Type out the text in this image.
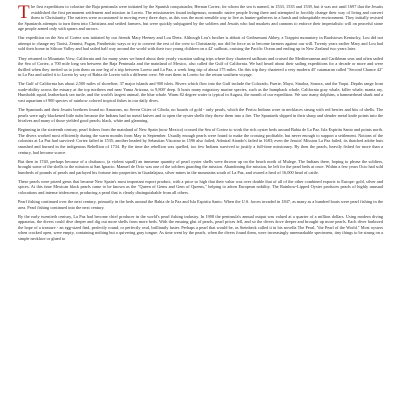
The first expeditions to colonize the Baja peninsula were initiated by the Spanish conquistador, Hernan Cortez, for whom the sea is named, in 1533, 1535 and 1539, but it was not until 1697 that the Jesuits established the first permanent settlement and mission in Loreto. The missionaries found indigenous, nomadic native people living there and attempted to forcibly change their way of living and convert them to Christianity. The natives were accustomed to moving every three days, as this was the most sensible way to live as hunter-gatherers in a harsh and inhospitable environment. They initially resisted the Spaniards attempts to turn them into Christians and settled farmers, but were quickly subjugated by the soldiers and Jesuits who had muskets and cannons to enforce their imperialistic will on peaceful stone age people armed only with spears and arrows.

Our expedition on the Sea of Cortez was initiated by our friends Mary Heeney and Lou Dietz. Although Lou's brother is abbott of Gethsemani Abbey, a Trappist monastery in Bardstown Kentucky, Lou did not attempt to change my Taoist, Zennist, Pagan, Pantheistic ways or try to convert the rest of the crew to Christianity, nor did he force us to become farmers against our will. Twenty years earlier Mary and Lou had sold their home in Silicon Valley and had sailed half way around the world with their two young children on a 42' sailboat, cruising the Pacific Ocean and ending up in New Zealand two years later.

They returned to Mountain View, California and for many years we heard about their yearly vacation sailing trips where they chartered sailboats and cruised the Mediterranean and Caribbean seas and often sailed the Sea of Cortez, a 700 mile long sea between the Baja Peninsula and the mainland of Mexico, also called the Gulf of California. We had heard about their sailing expeditions for a decade or more and were thrilled when they invited us to join them on one leg of a trip between Loreto and La Paz, a week long trip of about 175 miles. On this trip they chartered a very modern 45' catamaran called "Second Chance 42" in La Paz and sailed it to Loreto by way of Bahia de Loreto with a different crew. We met them in Loreto for the return southern voyage.

The Gulf of California has about 2,500 miles of shoreline, 37 major islands and 900 islets. Rivers which flow into the Gulf include the Colorado, Fuerte, Mayo, Sinaloa, Sonora, and the Yaqui. Depths range from wade-ability across the estuary at the top northern end near Yuma Arizona, to 9,800' deep. It hosts many migratory marine species, such as the humpback whale, California gray whale, killer whale, manta ray, Humboldt squid, leatherback sea turtle, and the world's largest animal, the blue whale. Warm 82 degree water is typical in August, the month of our expedition. We saw many dolphins, a hammerhead shark and a vast aquarium of 900 species of rainbow colored tropical fishes in our daily dives.

The Spaniards and their Jesuits brethren found no Amazons, no Seven Cities of Cibola, no hoards of gold - only pearls, which the Pericu Indians wore in necklaces strung with red berries and bits of shells. The pearls were ugly blackened little nubs because the Indians had no metal knives and to open the oyster shells they threw them into a fire. The Spaniards slipped in their sharp and slender metal knife points into the bivalves and many of those yielded good pearls; black, white and gleaming.

Beginning in the sixteenth century, pearl fishers from the mainland of New Spain (now Mexico) crossed the Sea of Cortez to work the rich oyster beds around Bahia de La Paz. Isla Espiritu Santo and points north. The divers worked most efficiently during the warm months from May to September. Usually enough pearls were found to make the crossing profitable, but never enough to support a settlement. Notions of the colonists at La Paz had survived: Cortez failed in 1535; another headed by Sebastian Vizcaino in 1596 also failed; Admiral Atondo's failed in 1683; even the Jesuits' Mission La Paz failed, its thatched adobe huts smashed and burned in the indigenous Rebellion of 1734. By the time the rebellion was quelled, too few Indians survived to justify a full-time missionary. By then the pearls, heavily fished for more than a century, had become scarce.

But then in 1740, perhaps because of a chubasco, (a violent squall) an immense quantity of pearl oyster shells were thrown up on the beach north of Mulege. The Indians there, hoping to please the soldiers, brought some of the shells to the mission at San Ignacio. Manuel de Ocio was one of the soldiers guarding the mission. Abandoning the mission, he left for the pearl beds at once. Within a few years Ocio had sold hundreds of pounds of pearls and parlayed his fortune into properties in Guadalajara, silver mines in the mountains south of La Paz, and owned a herd of 16,000 head of cattle.

These pearls were prized gems that became New Spain's most important export product, with a price so high that their value was over double that of all of the other combined exports to Europe: gold, silver and spices. At this time Mexican black pearls came to be known as the "Queen of Gems and Gem of Queens," helping to adorn European nobility. The Rainbow-Lipped Oyster produces pearls of highly unusual colorations and intense iridescence, producing a pearl that is clearly distinguishable from all others.

Pearl fishing continued over the next century, primarily in the beds around the Bahia de la Paz and Isla Espiritu Santo. When the U.S. forces invaded in 1847, as many as a hundred boats were pearl fishing in the area. Pearl fishing continued into the next century.

By the early twentieth century, La Paz had become chief producer in the world's pearl fishing industry. In 1908 the peninsula's annual output was valued at a quarter of a million dollars. Using modern diving apparatus, the divers could dive deeper and dig out more shells from more beds. With the ensuing glut of pearls, pearl prices fell, and so the divers dove deeper and brought up more pearls. Each diver harbored the hope of a treasure - an egg-sized find, perfectly round, or perfectly oval, brilliantly luster. Perhaps a pearl that would be, as Steinbeck called it in his novella The Pearl, "the Pearl of the World." Most oysters when cracked open, were empty, containing nothing but a quivering gray tongue. As time went by the pearls, when the divers found them, were increasingly unremarkable specimens, tiny things to be strung on a simple necklace or glued to
